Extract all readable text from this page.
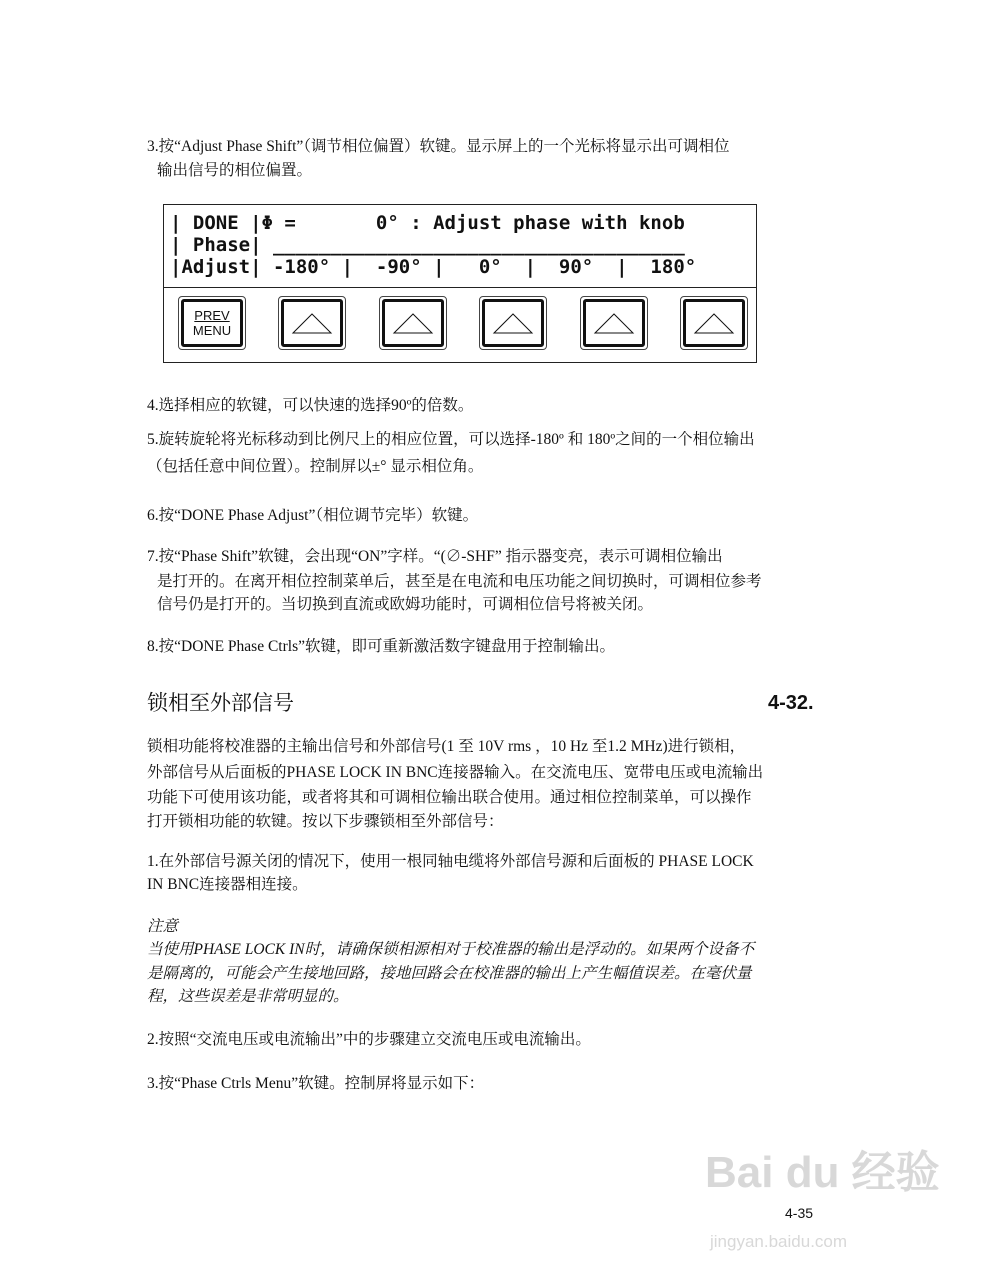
3.按“Adjust Phase Shift”（调节相位偏置）软键。显示屏上的一个光标将显示出可调相位
输出信号的相位偏置。
| DONE |Φ =       0° : Adjust phase with knob
| Phase| ____________________________________
|Adjust| -180° |  -90° |   0°  |  90°  |  180°
PREV
MENU
4.选择相应的软键，可以快速的选择90º的倍数。
5.旋转旋轮将光标移动到比例尺上的相应位置，可以选择-180º 和 180º之间的一个相位输出
（包括任意中间位置）。控制屏以±° 显示相位角。
6.按“DONE Phase Adjust”（相位调节完毕）软键。
7.按“Phase Shift”软键，会出现“ON”字样。“(∅-SHF” 指示器变亮，表示可调相位输出
是打开的。在离开相位控制菜单后，甚至是在电流和电压功能之间切换时，可调相位参考
信号仍是打开的。当切换到直流或欧姆功能时，可调相位信号将被关闭。
8.按“DONE Phase Ctrls”软键，即可重新激活数字键盘用于控制输出。
锁相至外部信号	4-32.
锁相功能将校准器的主输出信号和外部信号(1 至 10V rms ，10 Hz 至1.2 MHz)进行锁相，
外部信号从后面板的PHASE LOCK IN BNC连接器输入。在交流电压、宽带电压或电流输出
功能下可使用该功能，或者将其和可调相位输出联合使用。通过相位控制菜单，可以操作
打开锁相功能的软键。按以下步骤锁相至外部信号：
1.在外部信号源关闭的情况下，使用一根同轴电缆将外部信号源和后面板的 PHASE LOCK
IN BNC连接器相连接。
注意
当使用PHASE LOCK IN时，请确保锁相源相对于校准器的输出是浮动的。如果两个设备不
是隔离的，可能会产生接地回路，接地回路会在校准器的输出上产生幅值误差。在毫伏量
程，这些误差是非常明显的。
2.按照“交流电压或电流输出”中的步骤建立交流电压或电流输出。
3.按“Phase Ctrls Menu”软键。控制屏将显示如下：
Bai du 经验
4-35
jingyan.baidu.com
